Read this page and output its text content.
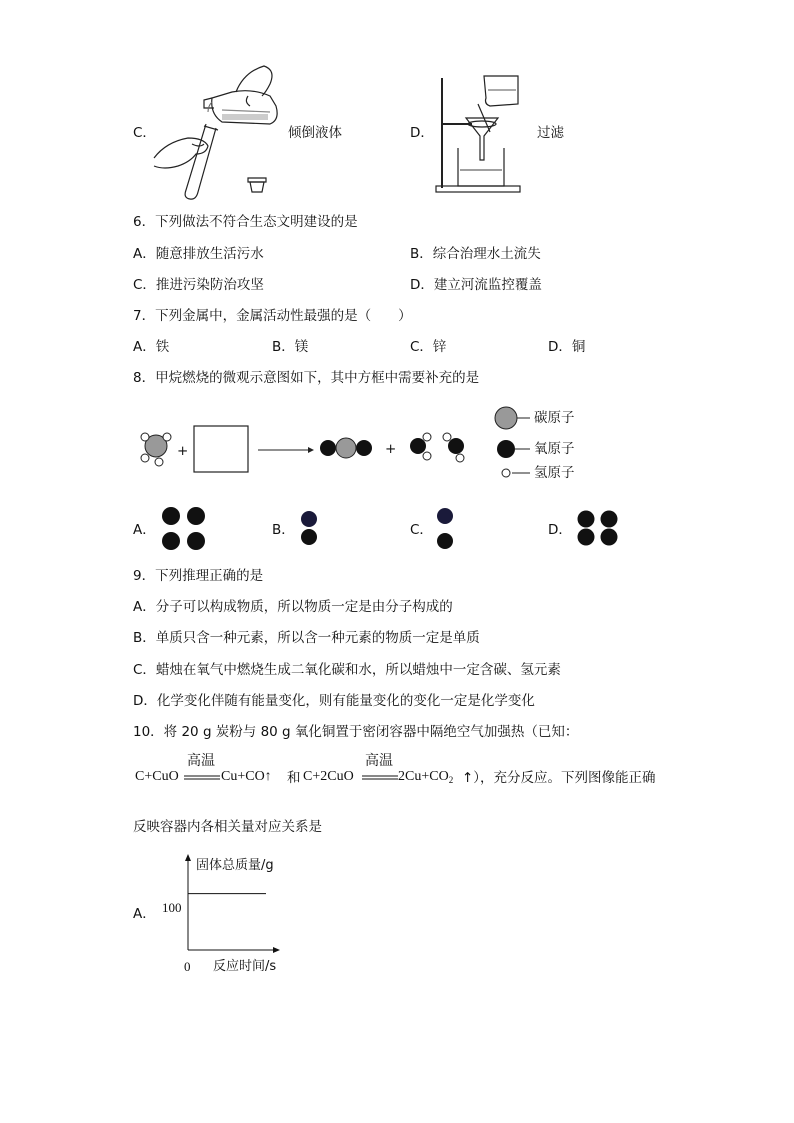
C．	倾倒液体	D．	过滤
6．下列做法不符合生态文明建设的是
A．随意排放生活污水	B．综合治理水土流失
C．推进污染防治攻坚	D．建立河流监控覆盖
7．下列金属中，金属活动性最强的是（　　）
A．铁	B．镁	C．锌	D．铜
8．甲烷燃烧的微观示意图如下，其中方框中需要补充的是
+	+
碳原子
氧原子
氢原子
A．	B．	C．	D．
9．下列推理正确的是
A．分子可以构成物质，所以物质一定是由分子构成的
B．单质只含一种元素，所以含一种元素的物质一定是单质
C．蜡烛在氧气中燃烧生成二氧化碳和水，所以蜡烛中一定含碳、氢元素
D．化学变化伴随有能量变化，则有能量变化的变化一定是化学变化
10．将 20 g 炭粉与 80 g 氧化铜置于密闭容器中隔绝空气加强热（已知：
C+CuO
高温
Cu+CO↑ 和 C+2CuO
高温
$2Cu+CO_2$ ↑），充分反应。下列图像能正确
反映容器内各相关量对应关系是
A．
固体总质量/g
100
0 反应时间/s
